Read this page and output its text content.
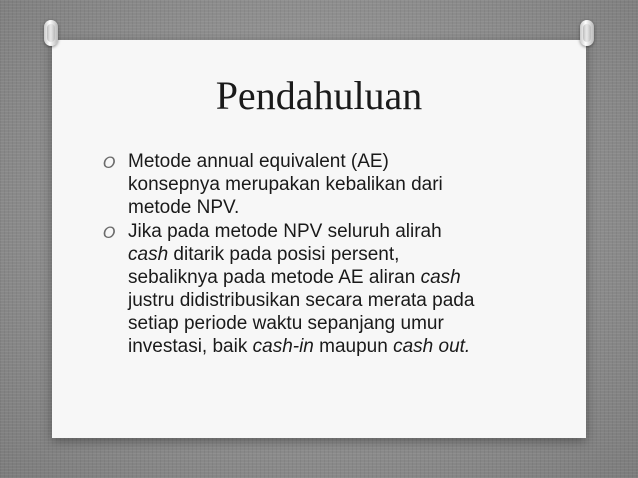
Pendahuluan
O Metode annual equivalent (AE)
konsepnya merupakan kebalikan dari
metode NPV.
O Jika pada metode NPV seluruh alirah
cash ditarik pada posisi persent,
sebaliknya pada metode AE aliran cash
justru didistribusikan secara merata pada
setiap periode waktu sepanjang umur
investasi, baik cash-in maupun cash out.
